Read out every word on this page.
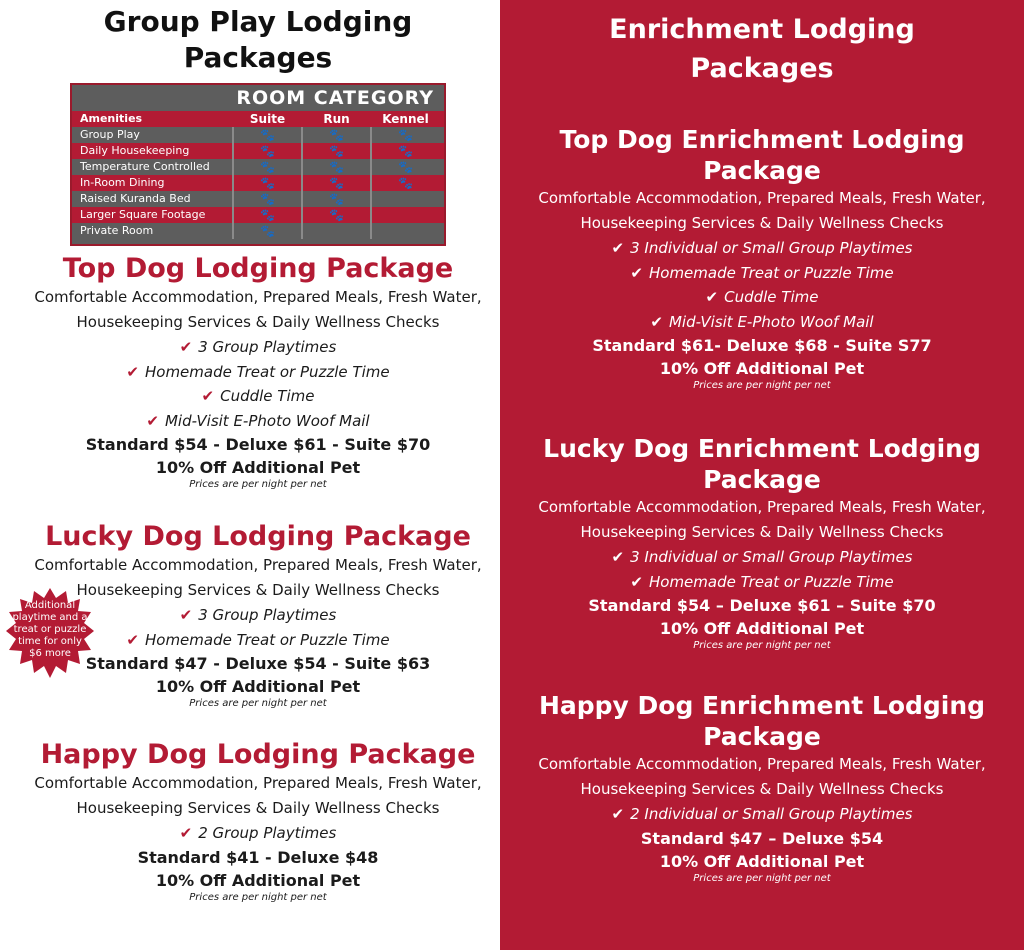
Group Play Lodging
Packages
ROOM CATEGORY
Amenities	Suite	Run	Kennel
Group Play	🐾	🐾	🐾
Daily Housekeeping	🐾	🐾	🐾
Temperature Controlled	🐾	🐾	🐾
In-Room Dining	🐾	🐾	🐾
Raised Kuranda Bed	🐾	🐾
Larger Square Footage	🐾	🐾
Private Room	🐾
Top Dog Lodging Package

Comfortable Accommodation, Prepared Meals, Fresh Water,

Housekeeping Services & Daily Wellness Checks

✔ 3 Group Playtimes

✔ Homemade Treat or Puzzle Time

✔ Cuddle Time

✔ Mid-Visit E-Photo Woof Mail

Standard $54 - Deluxe $61 - Suite $70

10% Off Additional Pet

Prices are per night per net

Lucky Dog Lodging Package

Comfortable Accommodation, Prepared Meals, Fresh Water,

Housekeeping Services & Daily Wellness Checks

✔ 3 Group Playtimes

✔ Homemade Treat or Puzzle Time

Standard $47 - Deluxe $54 - Suite $63

10% Off Additional Pet

Prices are per night per net

Happy Dog Lodging Package

Comfortable Accommodation, Prepared Meals, Fresh Water,

Housekeeping Services & Daily Wellness Checks

✔ 2 Group Playtimes

Standard $41 - Deluxe $48

10% Off Additional Pet

Prices are per night per net

Additional
playtime and a
treat or puzzle
time for only
$6 more
Enrichment Lodging
Packages
Top Dog Enrichment Lodging
Package

Comfortable Accommodation, Prepared Meals, Fresh Water,

Housekeeping Services & Daily Wellness Checks

✔ 3 Individual or Small Group Playtimes

✔ Homemade Treat or Puzzle Time

✔ Cuddle Time

✔ Mid-Visit E-Photo Woof Mail

Standard $61- Deluxe $68 - Suite S77

10% Off Additional Pet

Prices are per night per net

Lucky Dog Enrichment Lodging
Package

Comfortable Accommodation, Prepared Meals, Fresh Water,

Housekeeping Services & Daily Wellness Checks

✔ 3 Individual or Small Group Playtimes

✔ Homemade Treat or Puzzle Time

Standard $54 – Deluxe $61 – Suite $70

10% Off Additional Pet

Prices are per night per net

Happy Dog Enrichment Lodging
Package

Comfortable Accommodation, Prepared Meals, Fresh Water,

Housekeeping Services & Daily Wellness Checks

✔ 2 Individual or Small Group Playtimes

Standard $47 – Deluxe $54

10% Off Additional Pet

Prices are per night per net
